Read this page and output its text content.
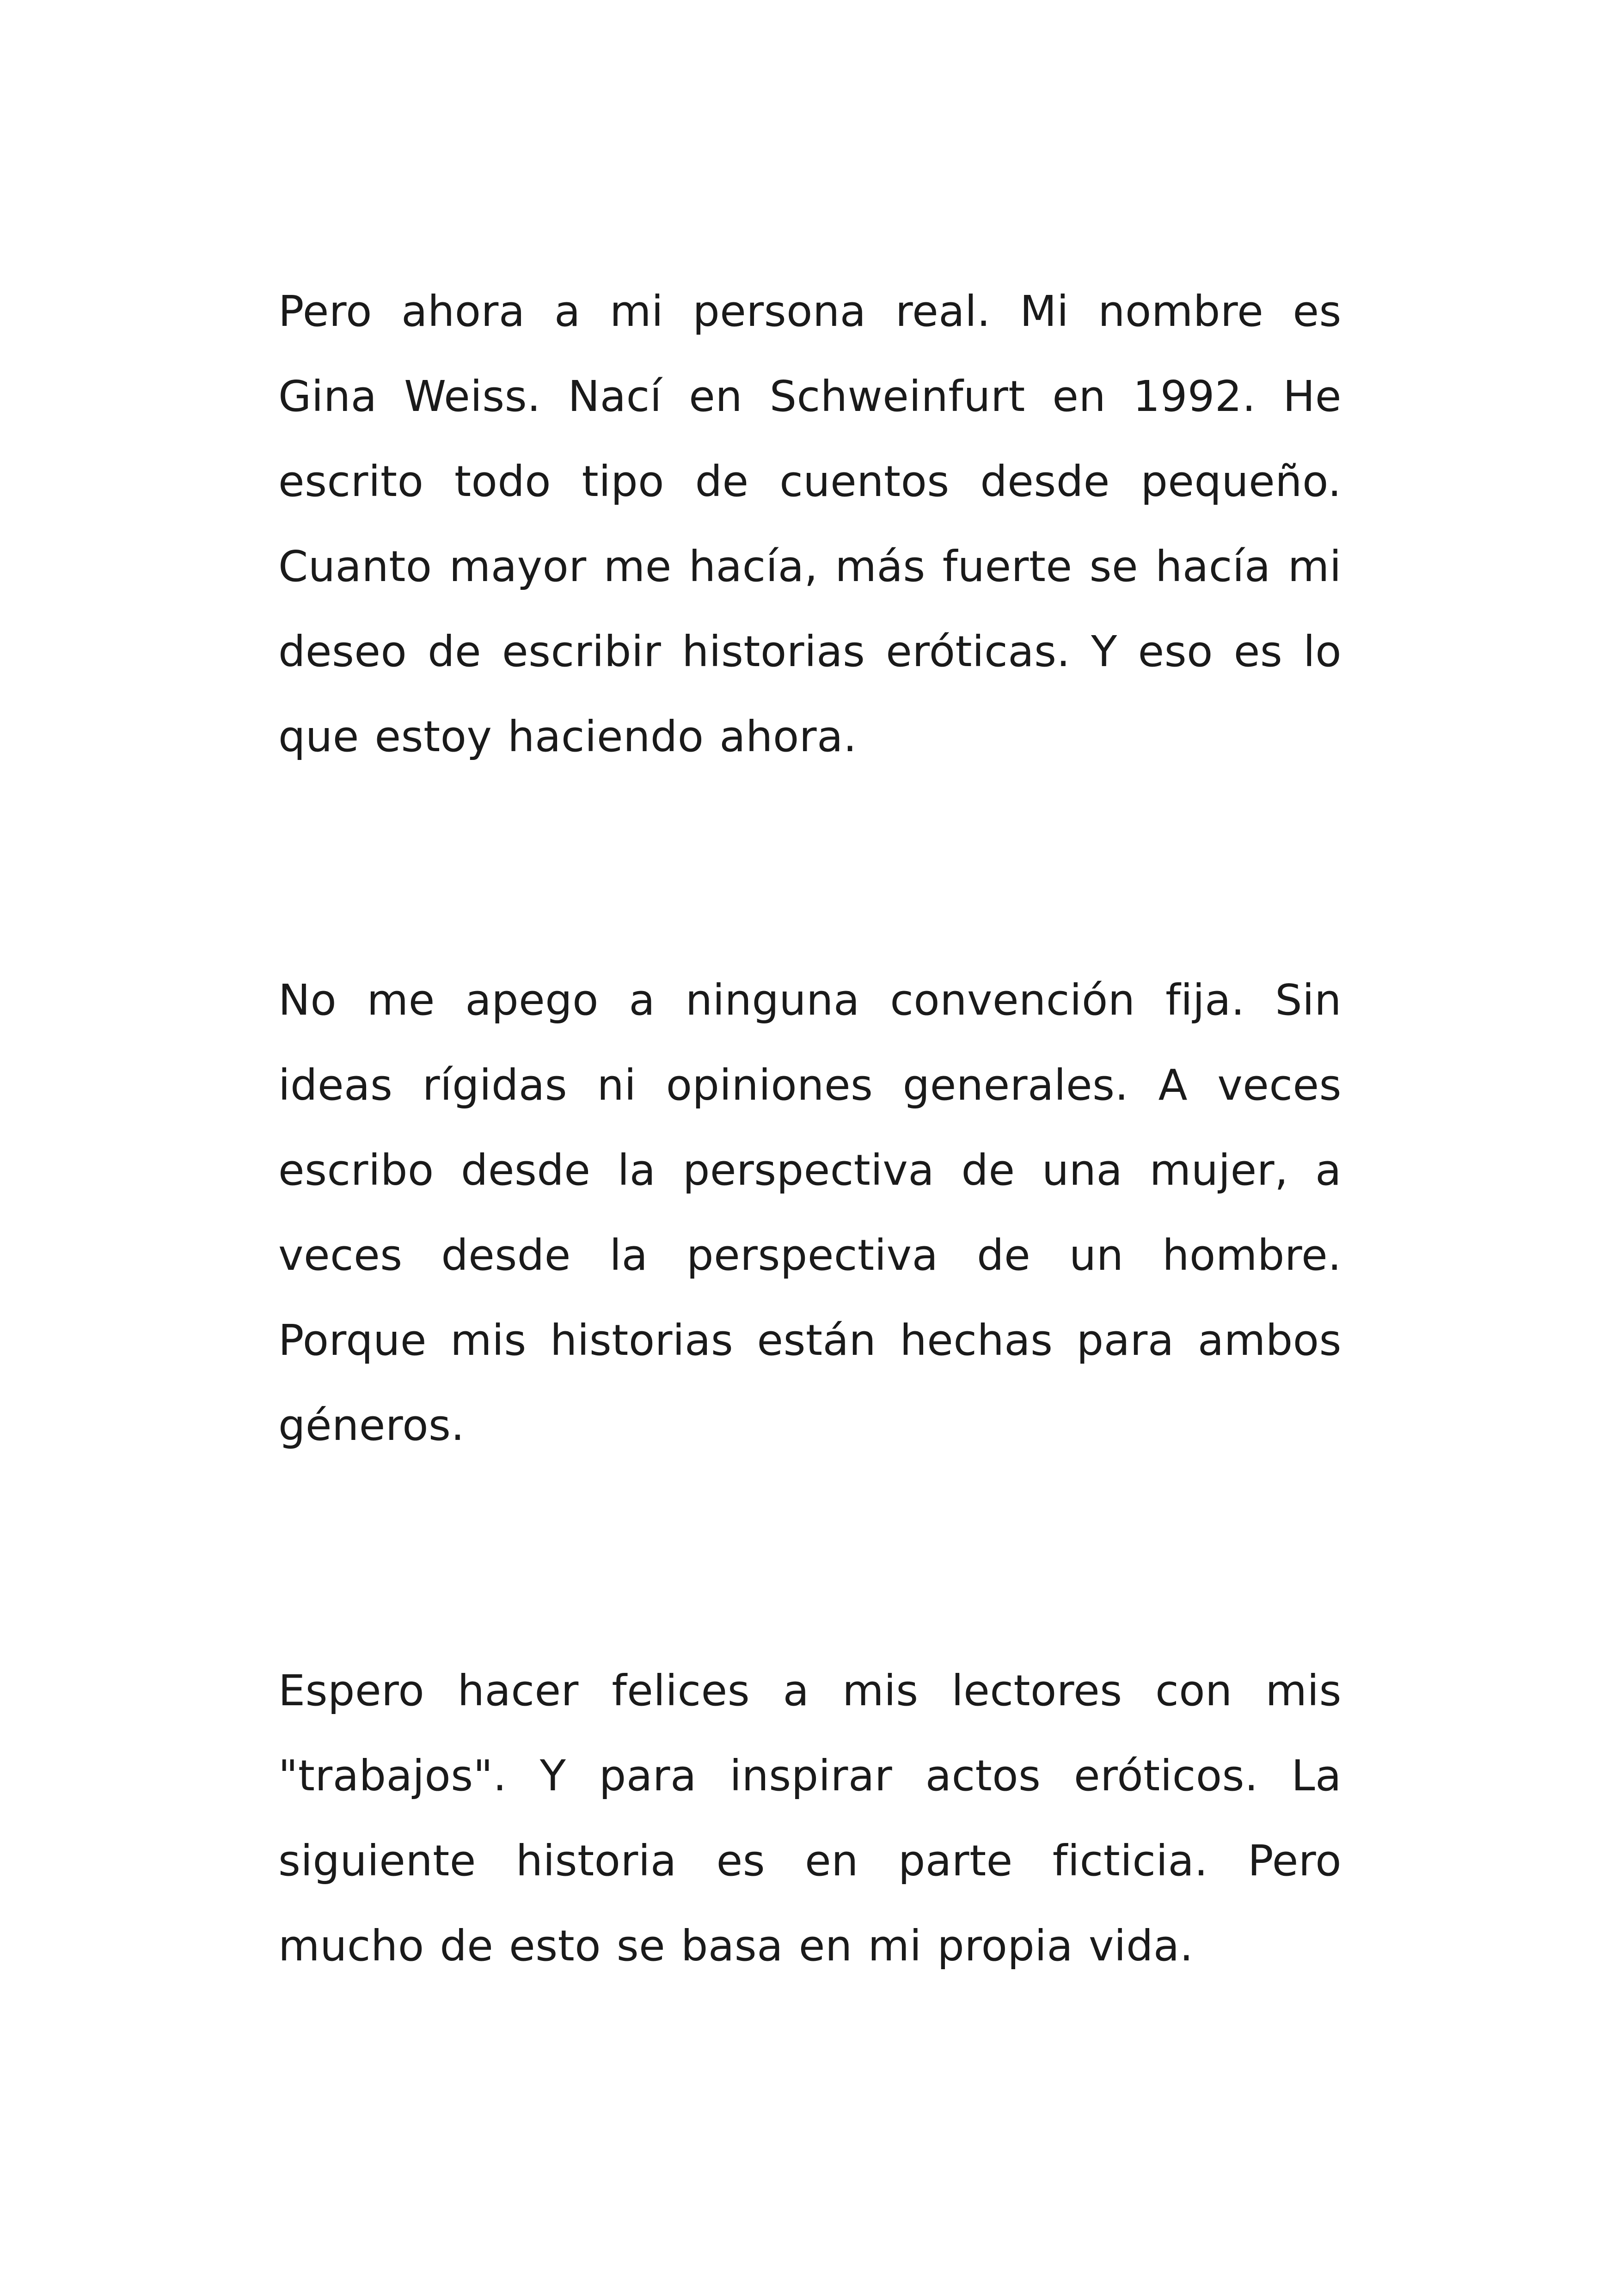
Pero ahora a mi persona real. Mi nombre es Gina Weiss. Nací en Schweinfurt en 1992. He escrito todo tipo de cuentos desde pequeño. Cuanto mayor me hacía, más fuerte se hacía mi deseo de escribir historias eróticas. Y eso es lo que estoy haciendo ahora.

No me apego a ninguna convención fija. Sin ideas rígidas ni opiniones generales. A veces escribo desde la perspectiva de una mujer, a veces desde la perspectiva de un hombre. Porque mis historias están hechas para ambos géneros.

Espero hacer felices a mis lectores con mis "trabajos". Y para inspirar actos eróticos. La siguiente historia es en parte ficticia. Pero mucho de esto se basa en mi propia vida.
